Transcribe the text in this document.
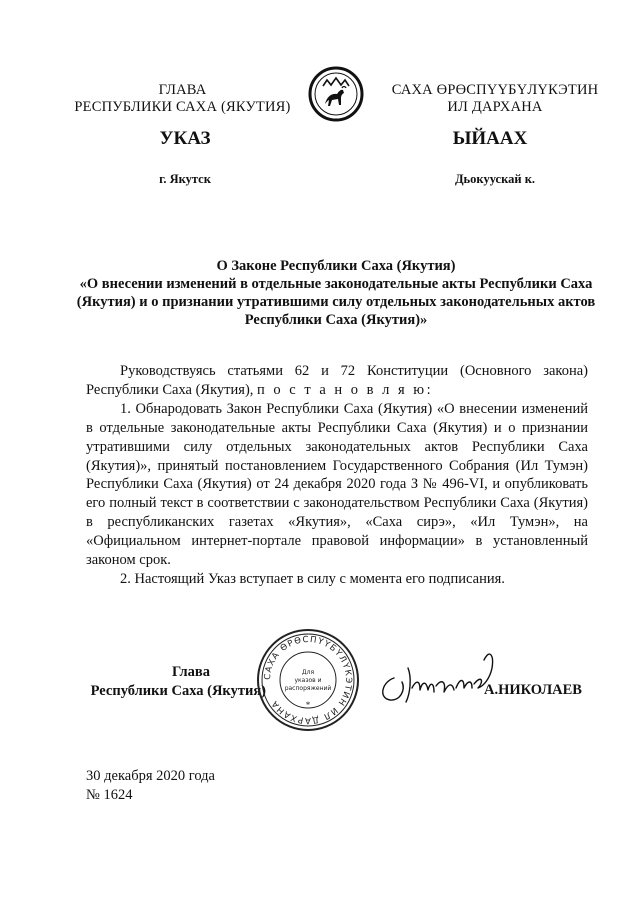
ГЛАВА
РЕСПУБЛИКИ САХА (ЯКУТИЯ)
САХА ӨРӨСПҮҮБҮЛҮКЭТИН
ИЛ ДАРХАНА
УКАЗ	ЫЙААХ
г. Якутск	Дьокуускай к.
О Законе Республики Саха (Якутия)
«О внесении изменений в отдельные законодательные акты Республики Саха (Якутия) и о признании утратившими силу отдельных законодательных актов Республики Саха (Якутия)»

Руководствуясь статьями 62 и 72 Конституции (Основного закона) Республики Саха (Якутия), п о с т а н о в л я ю:

1. Обнародовать Закон Республики Саха (Якутия) «О внесении изменений в отдельные законодательные акты Республики Саха (Якутия) и о признании утратившими силу отдельных законодательных актов Республики Саха (Якутия)», принятый постановлением Государственного Собрания (Ил Тумэн) Республики Саха (Якутия) от 24 декабря 2020 года З № 496-VI, и опубликовать его полный текст в соответствии с законодательством Республики Саха (Якутия) в республиканских газетах «Якутия», «Саха сирэ», «Ил Тумэн», на «Официальном интернет-портале правовой информации» в установленный законом срок.

2. Настоящий Указ вступает в силу с момента его подписания.

Глава
Республики Саха (Якутия)
САХА ӨРӨСПҮҮБҮЛҮКЭТИН ИЛ ДАРХАНА
Для
указов и
распоряжений
*
А.НИКОЛАЕВ
30 декабря 2020 года
№ 1624
